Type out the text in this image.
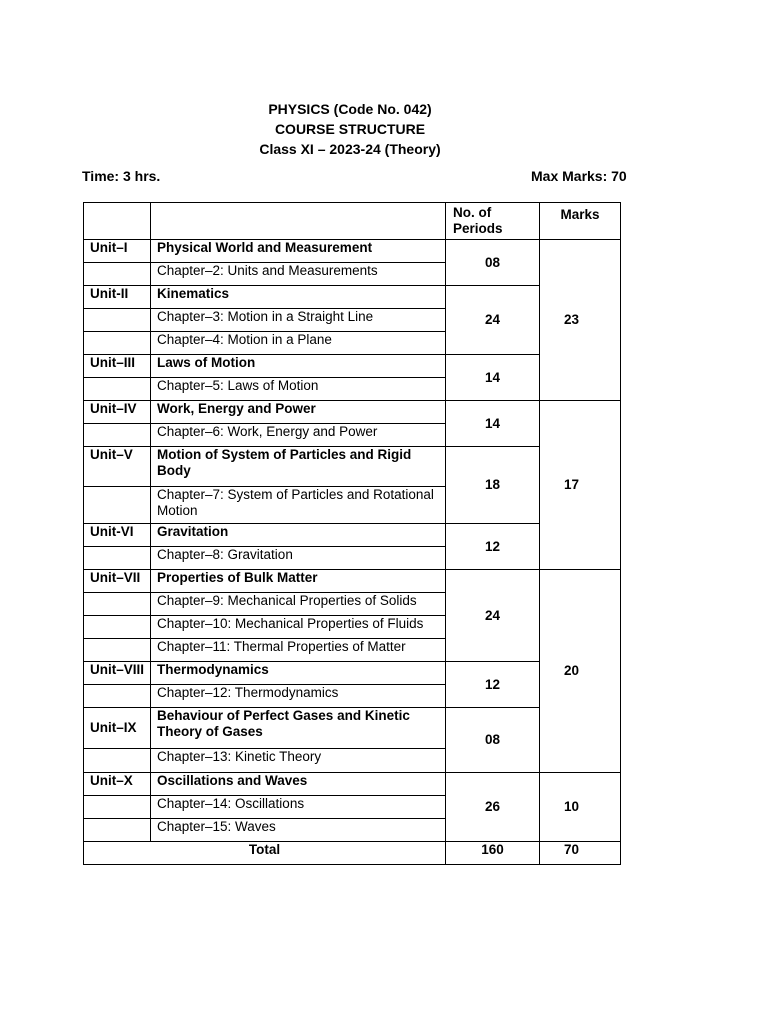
PHYSICS (Code No. 042)
COURSE STRUCTURE
Class XI – 2023-24 (Theory)
Time: 3 hrs.	Max Marks: 70
		No. of Periods	Marks
Unit–I	Physical World and Measurement	08	23
	Chapter–2: Units and Measurements		
Unit-II	Kinematics	24	
	Chapter–3: Motion in a Straight Line		
	Chapter–4: Motion in a Plane		
Unit–III	Laws of Motion	14	
	Chapter–5: Laws of Motion		
Unit–IV	Work, Energy and Power	14	17
	Chapter–6: Work, Energy and Power		
Unit–V	Motion of System of Particles and Rigid Body	18	
	Chapter–7: System of Particles and Rotational Motion		
Unit-VI	Gravitation	12	
	Chapter–8: Gravitation		
Unit–VII	Properties of Bulk Matter	24	20
	Chapter–9: Mechanical Properties of Solids		
	Chapter–10: Mechanical Properties of Fluids		
	Chapter–11: Thermal Properties of Matter		
Unit–VIII	Thermodynamics	12	
	Chapter–12: Thermodynamics		
Unit–IX	Behaviour of Perfect Gases and Kinetic Theory of Gases	08	
	Chapter–13: Kinetic Theory		
Unit–X	Oscillations and Waves	26	10
	Chapter–14: Oscillations		
	Chapter–15: Waves		
Total		160	70
